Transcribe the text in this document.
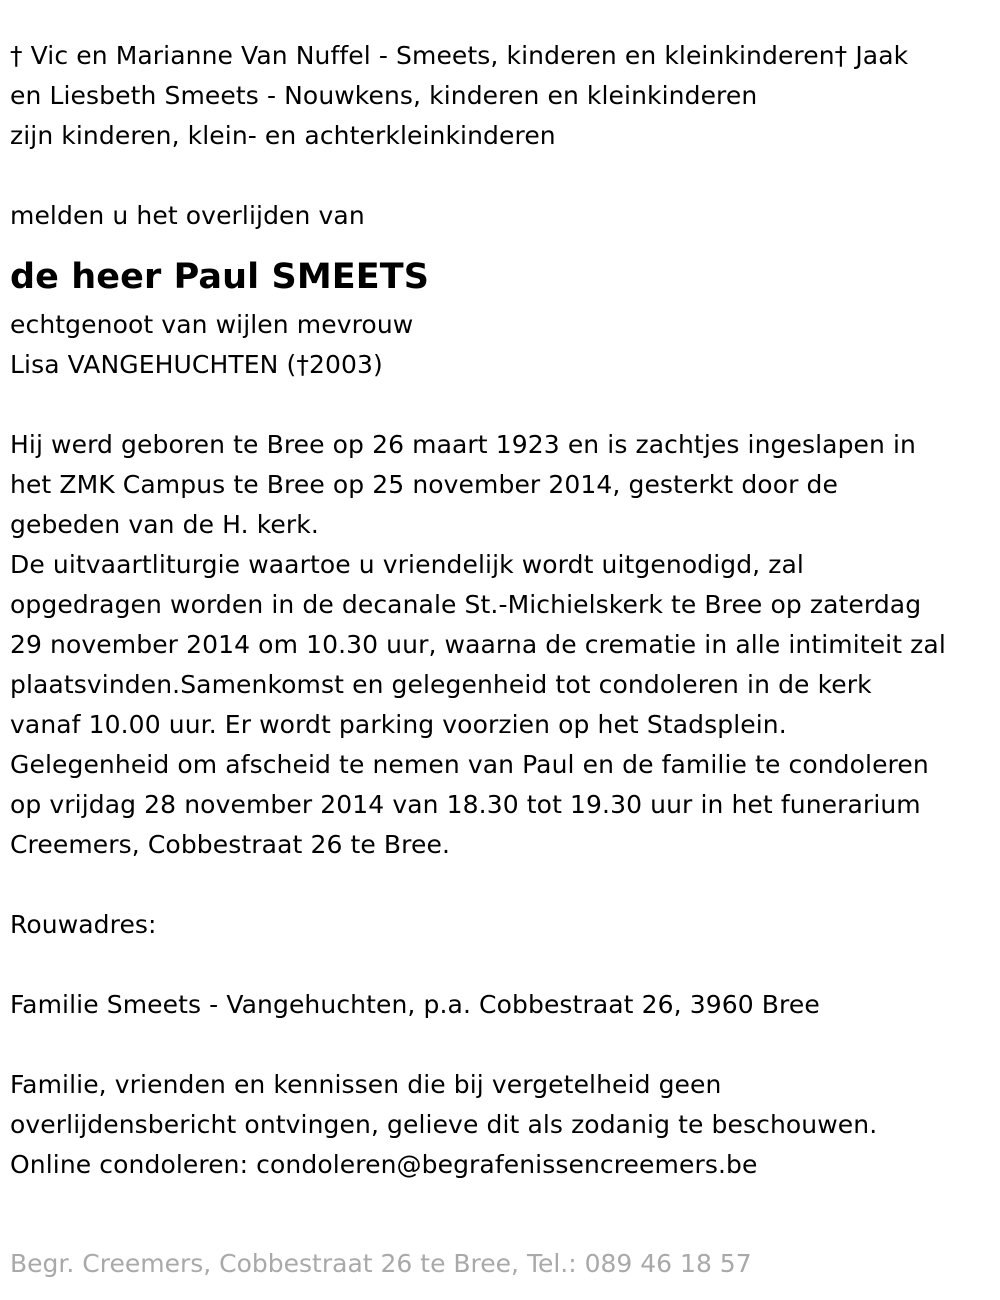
† Vic en Marianne Van Nuffel - Smeets, kinderen en kleinkinderen† Jaak
en Liesbeth Smeets - Nouwkens, kinderen en kleinkinderen
zijn kinderen, klein- en achterkleinkinderen
melden u het overlijden van
de heer Paul SMEETS
echtgenoot van wijlen mevrouw
Lisa VANGEHUCHTEN (†2003)
Hij werd geboren te Bree op 26 maart 1923 en is zachtjes ingeslapen in
het ZMK Campus te Bree op 25 november 2014, gesterkt door de
gebeden van de H. kerk.
De uitvaartliturgie waartoe u vriendelijk wordt uitgenodigd, zal
opgedragen worden in de decanale St.-Michielskerk te Bree op zaterdag
29 november 2014 om 10.30 uur, waarna de crematie in alle intimiteit zal
plaatsvinden.Samenkomst en gelegenheid tot condoleren in de kerk
vanaf 10.00 uur. Er wordt parking voorzien op het Stadsplein.
Gelegenheid om afscheid te nemen van Paul en de familie te condoleren
op vrijdag 28 november 2014 van 18.30 tot 19.30 uur in het funerarium
Creemers, Cobbestraat 26 te Bree.
Rouwadres:
Familie Smeets - Vangehuchten, p.a. Cobbestraat 26, 3960 Bree
Familie, vrienden en kennissen die bij vergetelheid geen
overlijdensbericht ontvingen, gelieve dit als zodanig te beschouwen.
Online condoleren: condoleren@begrafenissencreemers.be
Begr. Creemers, Cobbestraat 26 te Bree, Tel.: 089 46 18 57
